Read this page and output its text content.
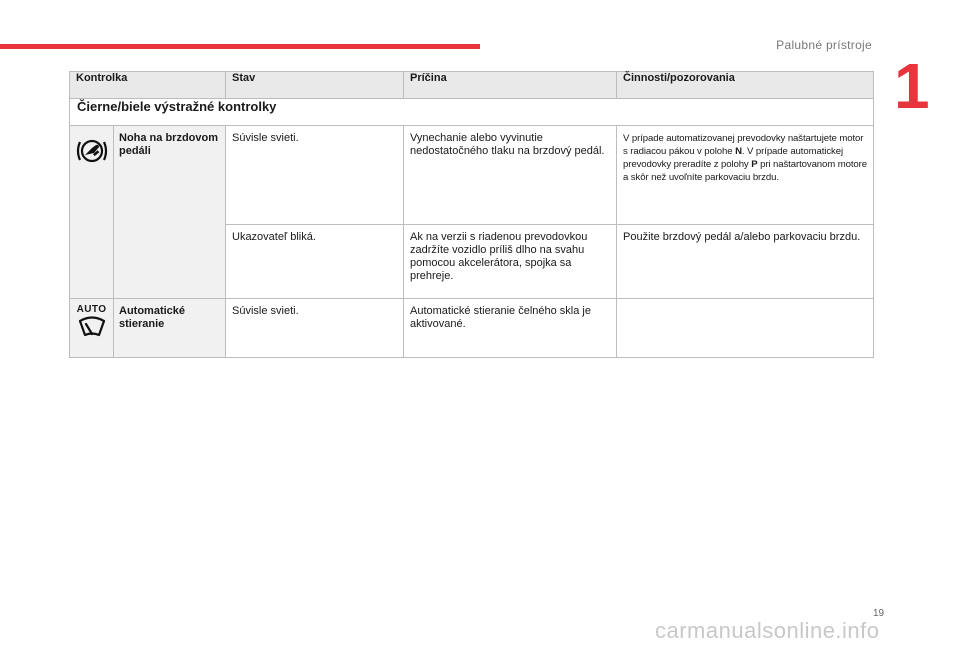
Palubné prístroje
1
Kontrolka		Stav	Príčina	Činnosti/pozorovania
Čierne/biele výstražné kontrolky				
	Noha na brzdovom pedáli	Súvisle svieti.	Vynechanie alebo vyvinutie nedostatočného tlaku na brzdový pedál.	V prípade automatizovanej prevodovky naštartujete motor s radiacou pákou v polohe N. V prípade automatickej prevodovky preradíte z polohy P pri naštartovanom motore a skôr než uvoľníte parkovaciu brzdu.
		Ukazovateľ bliká.	Ak na verzii s riadenou prevodovkou zadržíte vozidlo príliš dlho na svahu pomocou akcelerátora, spojka sa prehreje.	Použite brzdový pedál a/alebo parkovaciu brzdu.

AUTO	Automatické stieranie	Súvisle svieti.	Automatické stieranie čelného skla je aktivované.	
19
carmanualsonline.info
